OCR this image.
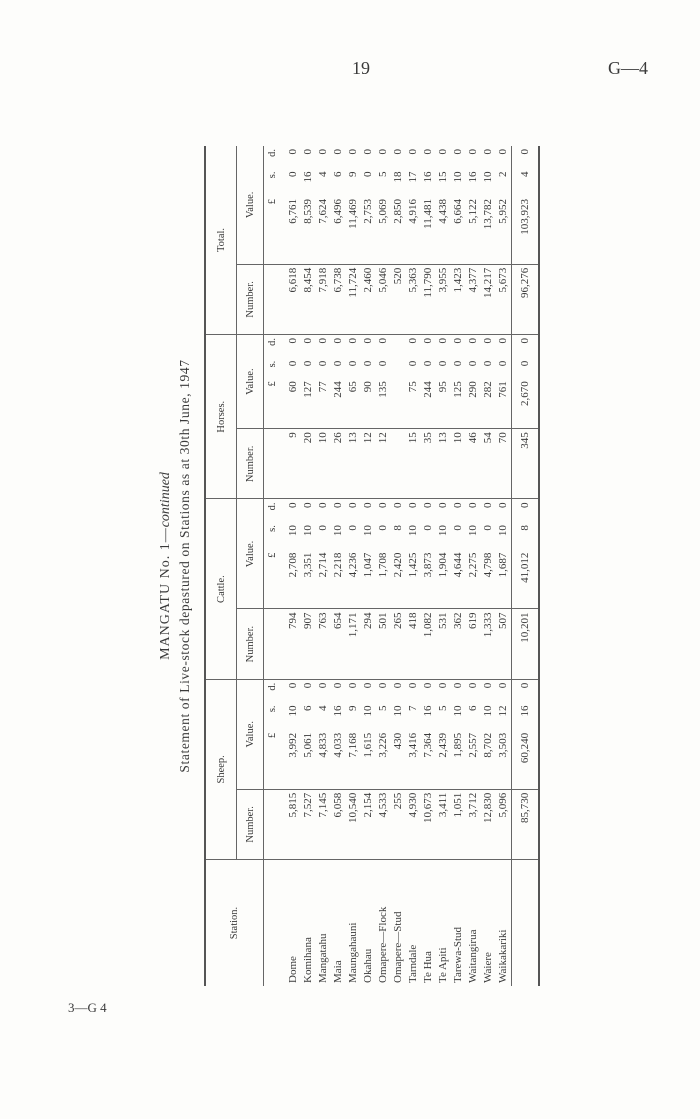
19	G—4
3—G 4
MANGATU No. 1—continued Statement of Live-stock depastured on Stations as at 30th June, 1947
Station.	Sheep.				Cattle.				Horses.				Total.			
	Number.	Value.			Number.	Value.			Number.	Value.			Number.	Value.		
		£	s.	d.		£	s.	d.		£	s.	d.		£	s.	d.
Dome	5,815	3,992	10	0	794	2,708	10	0	9	60	0	0	6,618	6,761	0	0
Komihana	7,527	5,061	6	0	907	3,351	10	0	20	127	0	0	8,454	8,539	16	0
Mangatahu	7,145	4,833	4	0	763	2,714	0	0	10	77	0	0	7,918	7,624	4	0
Maia	6,058	4,033	16	0	654	2,218	10	0	26	244	0	0	6,738	6,496	6	0
Maungahauni	10,540	7,168	9	0	1,171	4,236	0	0	13	65	0	0	11,724	11,469	9	0
Okahau	2,154	1,615	10	0	294	1,047	10	0	12	90	0	0	2,460	2,753	0	0
Omapere—Flock	4,533	3,226	5	0	501	1,708	0	0	12	135	0	0	5,046	5,069	5	0
Omapere—Stud	255	430	10	0	265	2,420	8	0					520	2,850	18	0
Tarndale	4,930	3,416	7	0	418	1,425	10	0	15	75	0	0	5,363	4,916	17	0
Te Hua	10,673	7,364	16	0	1,082	3,873	0	0	35	244	0	0	11,790	11,481	16	0
Te Apiti	3,411	2,439	5	0	531	1,904	10	0	13	95	0	0	3,955	4,438	15	0
Tarewa-Stud	1,051	1,895	10	0	362	4,644	0	0	10	125	0	0	1,423	6,664	10	0
Waitangirua	3,712	2,557	6	0	619	2,275	10	0	46	290	0	0	4,377	5,122	16	0
Waiere	12,830	8,702	10	0	1,333	4,798	0	0	54	282	0	0	14,217	13,782	10	0
Waikakariki	5,096	3,503	12	0	507	1,687	10	0	70	761	0	0	5,673	5,952	2	0
	85,730	60,240	16	0	10,201	41,012	8	0	345	2,670	0	0	96,276	103,923	4	0
